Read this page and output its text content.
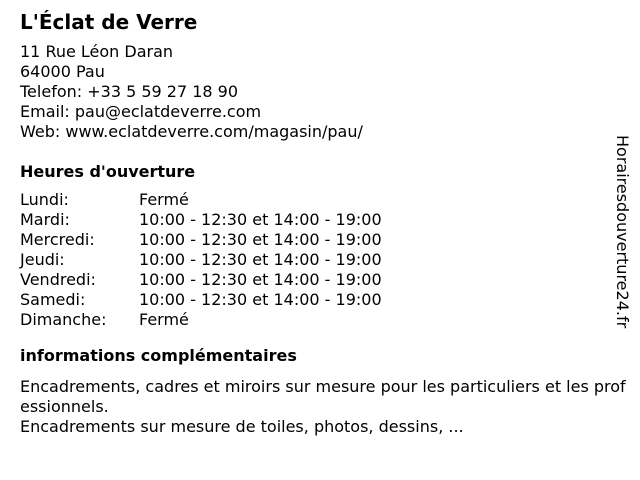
L'Éclat de Verre
11 Rue Léon Daran
64000 Pau
Telefon: +33 5 59 27 18 90
Email: pau@eclatdeverre.com
Web: www.eclatdeverre.com/magasin/pau/
Heures d'ouverture
Lundi:	Fermé
Mardi:	10:00 - 12:30 et 14:00 - 19:00
Mercredi:	10:00 - 12:30 et 14:00 - 19:00
Jeudi:	10:00 - 12:30 et 14:00 - 19:00
Vendredi:	10:00 - 12:30 et 14:00 - 19:00
Samedi:	10:00 - 12:30 et 14:00 - 19:00
Dimanche:	Fermé
informations complémentaires

Encadrements, cadres et miroirs sur mesure pour les particuliers et les professionnels.

Encadrements sur mesure de toiles, photos, dessins, ...

Horairesdouverture24.fr
